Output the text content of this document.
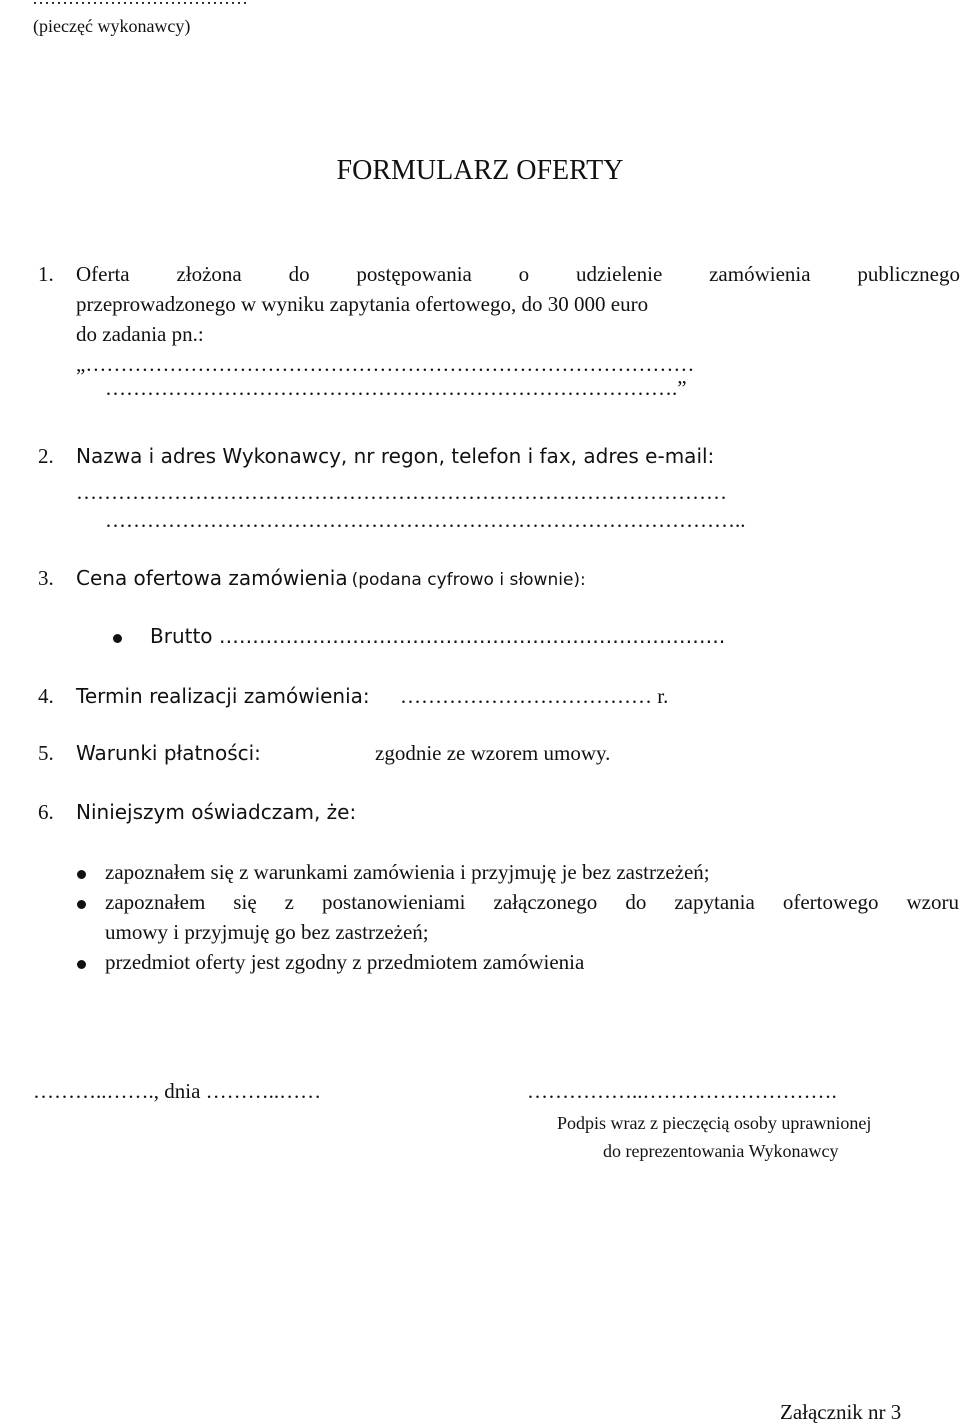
(pieczęć wykonawcy)
FORMULARZ OFERTY
1. Oferta złożona do postępowania o udzielenie zamówienia publicznego
przeprowadzonego w wyniku zapytania ofertowego, do 30 000 euro
do zadania pn.:
„……………………………………………………………………………
……………………………………………………………………….”
2. Nazwa i adres Wykonawcy, nr regon, telefon i fax, adres e-mail:
…………………………………………………………………………………
………………………………………………………………………………..
3. Cena ofertowa zamówienia (podana cyfrowo i słownie):
Brutto ………………………………………………………………….
4. Termin realizacji zamówienia: ……………………………… r.
5. Warunki płatności:	zgodnie ze wzorem umowy.
6. Niniejszym oświadczam, że:
zapoznałem się z warunkami zamówienia i przyjmuję je bez zastrzeżeń;
zapoznałem się z postanowieniami załączonego do zapytania ofertowego wzoru
umowy i przyjmuję go bez zastrzeżeń;
przedmiot oferty jest zgodny z przedmiotem zamówienia
………..……., dnia ………..……	……………..……………………….
Podpis wraz z pieczęcią osoby uprawnionej
do reprezentowania Wykonawcy
Załącznik nr 3
